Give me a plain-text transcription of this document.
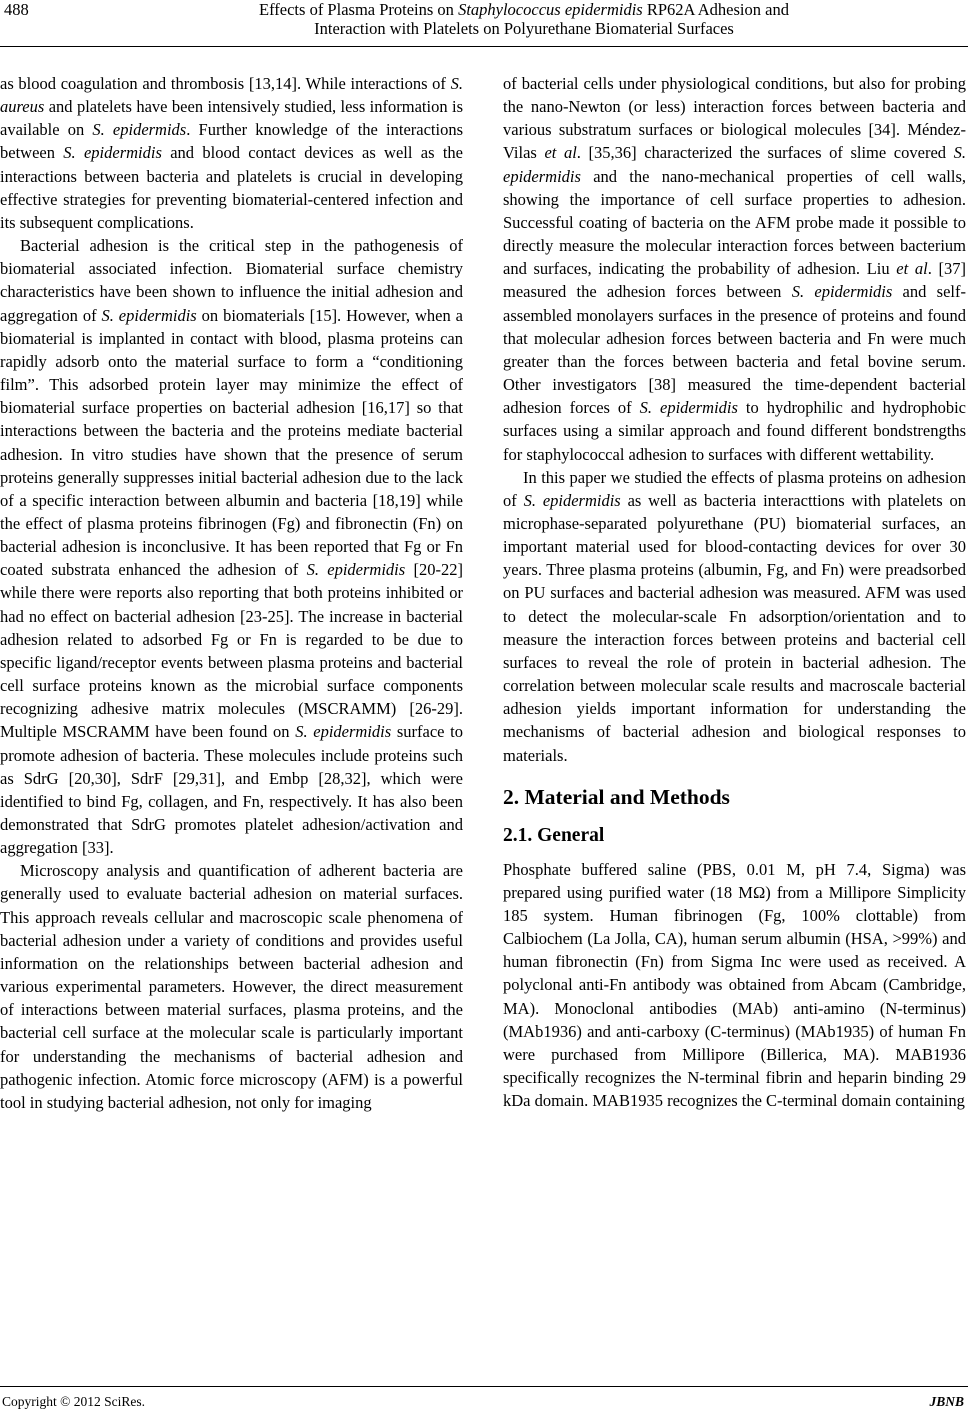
488	Effects of Plasma Proteins on Staphylococcus epidermidis RP62A Adhesion and
Interaction with Platelets on Polyurethane Biomaterial Surfaces

as blood coagulation and thrombosis [13,14]. While interactions of S. aureus and platelets have been intensively studied, less information is available on S. epidermids. Further knowledge of the interactions between S. epidermidis and blood contact devices as well as the interactions between bacteria and platelets is crucial in developing effective strategies for preventing biomaterial-centered infection and its subsequent complications.

Bacterial adhesion is the critical step in the pathogenesis of biomaterial associated infection. Biomaterial surface chemistry characteristics have been shown to influence the initial adhesion and aggregation of S. epidermidis on biomaterials [15]. However, when a biomaterial is implanted in contact with blood, plasma proteins can rapidly adsorb onto the material surface to form a “conditioning film”. This adsorbed protein layer may minimize the effect of biomaterial surface properties on bacterial adhesion [16,17] so that interactions between the bacteria and the proteins mediate bacterial adhesion. In vitro studies have shown that the presence of serum proteins generally suppresses initial bacterial adhesion due to the lack of a specific interaction between albumin and bacteria [18,19] while the effect of plasma proteins fibrinogen (Fg) and fibronectin (Fn) on bacterial adhesion is inconclusive. It has been reported that Fg or Fn coated substrata enhanced the adhesion of S. epidermidis [20-22] while there were reports also reporting that both proteins inhibited or had no effect on bacterial adhesion [23-25]. The increase in bacterial adhesion related to adsorbed Fg or Fn is regarded to be due to specific ligand/receptor events between plasma proteins and bacterial cell surface proteins known as the microbial surface components recognizing adhesive matrix molecules (MSCRAMM) [26-29]. Multiple MSCRAMM have been found on S. epidermidis surface to promote adhesion of bacteria. These molecules include proteins such as SdrG [20,30], SdrF [29,31], and Embp [28,32], which were identified to bind Fg, collagen, and Fn, respectively. It has also been demonstrated that SdrG promotes platelet adhesion/activation and aggregation [33].

Microscopy analysis and quantification of adherent bacteria are generally used to evaluate bacterial adhesion on material surfaces. This approach reveals cellular and macroscopic scale phenomena of bacterial adhesion under a variety of conditions and provides useful information on the relationships between bacterial adhesion and various experimental parameters. However, the direct measurement of interactions between material surfaces, plasma proteins, and the bacterial cell surface at the molecular scale is particularly important for understanding the mechanisms of bacterial adhesion and pathogenic infection. Atomic force microscopy (AFM) is a powerful tool in studying bacterial adhesion, not only for imaging

of bacterial cells under physiological conditions, but also for probing the nano-Newton (or less) interaction forces between bacteria and various substratum surfaces or biological molecules [34]. Méndez-Vilas et al. [35,36] characterized the surfaces of slime covered S. epidermidis and the nano-mechanical properties of cell walls, showing the importance of cell surface properties to adhesion. Successful coating of bacteria on the AFM probe made it possible to directly measure the molecular interaction forces between bacterium and surfaces, indicating the probability of adhesion. Liu et al. [37] measured the adhesion forces between S. epidermidis and self-assembled monolayers surfaces in the presence of proteins and found that molecular adhesion forces between bacteria and Fn were much greater than the forces between bacteria and fetal bovine serum. Other investigators [38] measured the time-dependent bacterial adhesion forces of S. epidermidis to hydrophilic and hydrophobic surfaces using a similar approach and found different bondstrengths for staphylococcal adhesion to surfaces with different wettability.

In this paper we studied the effects of plasma proteins on adhesion of S. epidermidis as well as bacteria interacttions with platelets on microphase-separated polyurethane (PU) biomaterial surfaces, an important material used for blood-contacting devices for over 30 years. Three plasma proteins (albumin, Fg, and Fn) were preadsorbed on PU surfaces and bacterial adhesion was measured. AFM was used to detect the molecular-scale Fn adsorption/orientation and to measure the interaction forces between proteins and bacterial cell surfaces to reveal the role of protein in bacterial adhesion. The correlation between molecular scale results and macroscale bacterial adhesion yields important information for understanding the mechanisms of bacterial adhesion and biological responses to materials.

2. Material and Methods
2.1. General

Phosphate buffered saline (PBS, 0.01 M, pH 7.4, Sigma) was prepared using purified water (18 MΩ) from a Millipore Simplicity 185 system. Human fibrinogen (Fg, 100% clottable) from Calbiochem (La Jolla, CA), human serum albumin (HSA, >99%) and human fibronectin (Fn) from Sigma Inc were used as received. A polyclonal anti-Fn antibody was obtained from Abcam (Cambridge, MA). Monoclonal antibodies (MAb) anti-amino (N-terminus) (MAb1936) and anti-carboxy (C-terminus) (MAb1935) of human Fn were purchased from Millipore (Billerica, MA). MAB1936 specifically recognizes the N-terminal fibrin and heparin binding 29 kDa domain. MAB1935 recognizes the C-terminal domain containing

Copyright © 2012 SciRes.	JBNB
